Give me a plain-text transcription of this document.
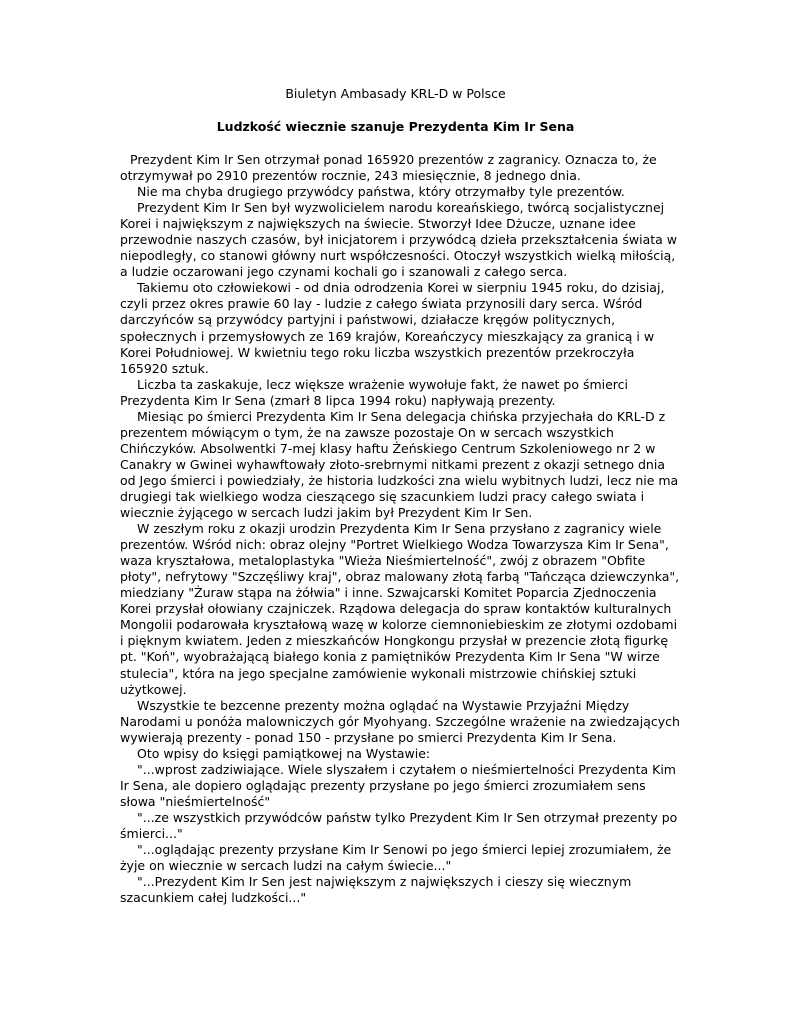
Biuletyn Ambasady KRL-D w Polsce
Ludzkość wiecznie szanuje Prezydenta Kim Ir Sena

Prezydent Kim Ir Sen otrzymał ponad 165920 prezentów z zagranicy. Oznacza to, że otrzymywał po 2910 prezentów rocznie, 243 miesięcznie, 8 jednego dnia.

Nie ma chyba drugiego przywódcy państwa, który otrzymałby tyle prezentów.

Prezydent Kim Ir Sen był wyzwolicielem narodu koreańskiego, twórcą socjalistycznej Korei i największym z największych na świecie. Stworzył Idee Dżucze, uznane idee przewodnie naszych czasów, był inicjatorem i przywódcą dzieła przekształcenia świata w niepodległy, co stanowi główny nurt współczesności. Otoczył wszystkich wielką miłością, a ludzie oczarowani jego czynami kochali go i szanowali z całego serca.

Takiemu oto człowiekowi - od dnia odrodzenia Korei w sierpniu 1945 roku, do dzisiaj, czyli przez okres prawie 60 lay - ludzie z całego świata przynosili dary serca. Wśród darczyńców są przywódcy partyjni i państwowi, działacze kręgów politycznych, społecznych i przemysłowych ze 169 krajów, Koreańczycy mieszkający za granicą i w Korei Południowej. W kwietniu tego roku liczba wszystkich prezentów przekroczyła 165920 sztuk.

Liczba ta zaskakuje, lecz większe wrażenie wywołuje fakt, że nawet po śmierci Prezydenta Kim Ir Sena (zmarł 8 lipca 1994 roku) napływają prezenty.

Miesiąc po śmierci Prezydenta Kim Ir Sena delegacja chińska przyjechała do KRL-D z prezentem mówiącym o tym, że na zawsze pozostaje On w sercach wszystkich Chińczyków. Absolwentki 7-mej klasy haftu Żeńskiego Centrum Szkoleniowego nr 2 w Canakry w Gwinei wyhawftowały złoto-srebrnymi nitkami prezent z okazji setnego dnia od Jego śmierci i powiedziały, że historia ludzkości zna wielu wybitnych ludzi, lecz nie ma drugiegi tak wielkiego wodza cieszącego się szacunkiem ludzi pracy całego swiata i wiecznie żyjącego w sercach ludzi jakim był Prezydent Kim Ir Sen.

W zeszłym roku z okazji urodzin Prezydenta Kim Ir Sena przysłano z zagranicy wiele prezentów. Wśród nich: obraz olejny "Portret Wielkiego Wodza Towarzysza Kim Ir Sena", waza kryształowa, metaloplastyka "Wieża Nieśmiertelność", zwój z obrazem "Obfite płoty", nefrytowy "Szczęśliwy kraj", obraz malowany złotą farbą "Tańcząca dziewczynka", miedziany "Żuraw stąpa na żółwia" i inne. Szwajcarski Komitet Poparcia Zjednoczenia Korei przysłał ołowiany czajniczek. Rządowa delegacja do spraw kontaktów kulturalnych Mongolii podarowała kryształową wazę w kolorze ciemnoniebieskim ze złotymi ozdobami i pięknym kwiatem. Jeden z mieszkańców Hongkongu przysłał w prezencie złotą figurkę pt. "Koń", wyobrażającą białego konia z pamiętników Prezydenta Kim Ir Sena "W wirze stulecia", która na jego specjalne zamówienie wykonali mistrzowie chińskiej sztuki użytkowej.

Wszystkie te bezcenne prezenty można oglądać na Wystawie Przyjaźni Między Narodami u ponóża malowniczych gór Myohyang. Szczególne wrażenie na zwiedzających wywierają prezenty - ponad 150 - przysłane po smierci Prezydenta Kim Ir Sena.

Oto wpisy do księgi pamiątkowej na Wystawie:

"...wprost zadziwiające. Wiele slyszałem i czytałem o nieśmiertelności Prezydenta Kim Ir Sena, ale dopiero oglądając prezenty przysłane po jego śmierci zrozumiałem sens słowa "nieśmiertelność"

"...ze wszystkich przywódców państw tylko Prezydent Kim Ir Sen otrzymał prezenty po śmierci..."

"...oglądając prezenty przysłane Kim Ir Senowi po jego śmierci lepiej zrozumiałem, że żyje on wiecznie w sercach ludzi na całym świecie..."

"...Prezydent Kim Ir Sen jest największym z największych i cieszy się wiecznym szacunkiem całej ludzkości..."
